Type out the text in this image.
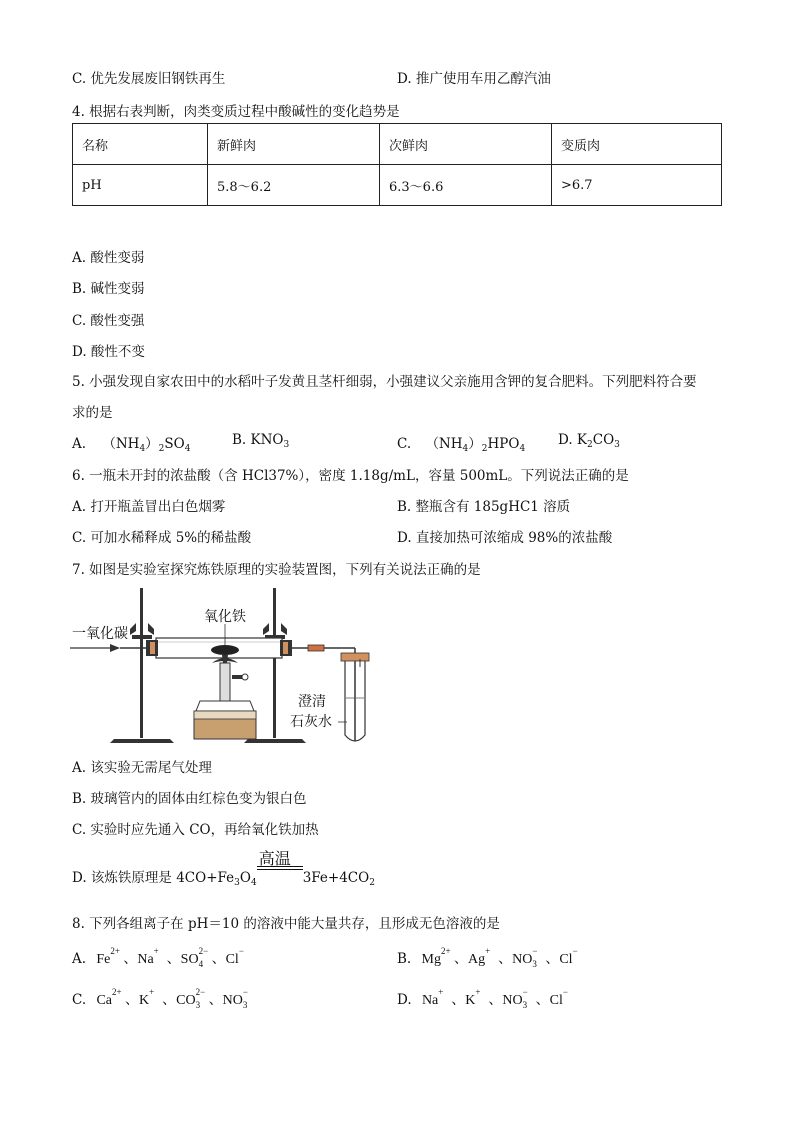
C. 优先发展废旧钢铁再生	D. 推广使用车用乙醇汽油
4. 根据右表判断，肉类变质过程中酸碱性的变化趋势是
名称	新鲜肉	次鲜肉	变质肉
pH	5.8～6.2	6.3～6.6	>6.7
A. 酸性变弱
B. 碱性变弱
C. 酸性变强
D. 酸性不变
5. 小强发现自家农田中的水稻叶子发黄且茎杆细弱，小强建议父亲施用含钾的复合肥料。下列肥料符合要
求的是
A. $(NH_4)_2SO_4$
B. $KNO_3$	C. $(NH_4)_2HPO_4$
D. $K_2CO_3$
6. 一瓶未开封的浓盐酸（含 HCl37%），密度 1.18g/mL，容量 500mL。下列说法正确的是
A. 打开瓶盖冒出白色烟雾	B. 整瓶含有 185gHC1 溶质
C. 可加水稀释成 5%的稀盐酸	D. 直接加热可浓缩成 98%的浓盐酸
7. 如图是实验室探究炼铁原理的实验装置图，下列有关说法正确的是
一氧化碳
氧化铁
澄清
石灰水
A. 该实验无需尾气处理
B. 玻璃管内的固体由红棕色变为银白色
C. 实验时应先通入 CO，再给氧化铁加热
D. 该炼铁原理是 $4CO+Fe_3O_4$
高温
$3Fe+4CO_2$
8. 下列各组离子在 pH＝10 的溶液中能大量共存，且形成无色溶液的是
A. Fe
2+
、Na
+
、SO
2−
4 、Cl
−
B. Mg
2+
、Ag
+
、NO
−
3 、Cl
−
C. Ca
2+
、K
+
、CO
2−
3 、NO
−
3	D. Na
+
、K
+
、NO
−
3 、Cl
−
